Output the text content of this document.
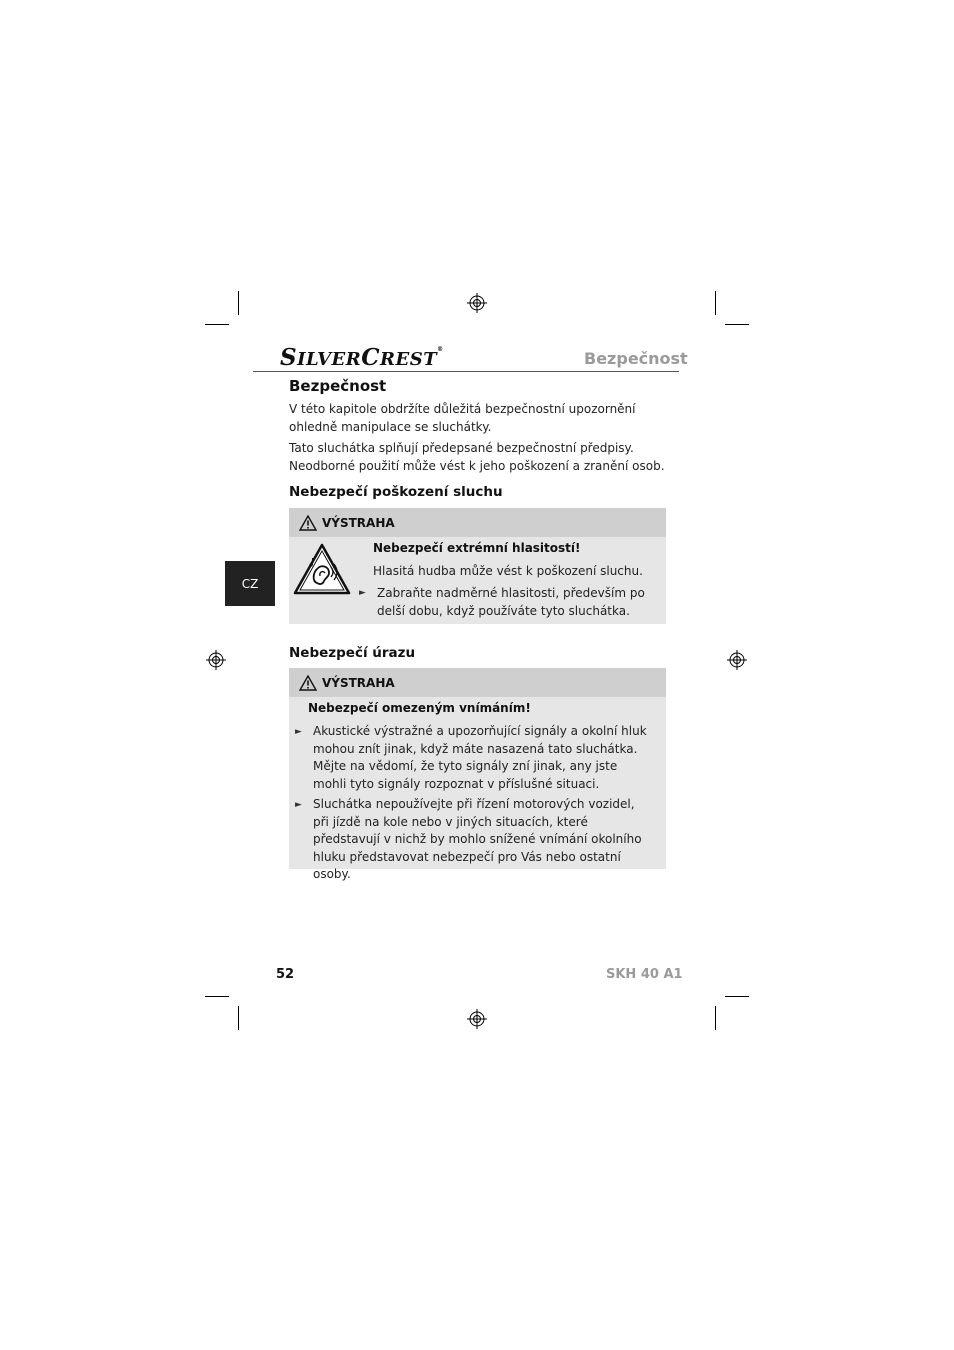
SILVERCREST®	Bezpečnost
CZ
Bezpečnost
V této kapitole obdržíte důležitá bezpečnostní upozornění ohledně manipulace se sluchátky.
Tato sluchátka splňují předepsané bezpečnostní předpisy. Neodborné použití může vést k jeho poškození a zranění osob.
Nebezpečí poškození sluchu
VÝSTRAHA
Nebezpečí extrémní hlasitostí!
Hlasitá hudba může vést k poškození sluchu.
► Zabraňte nadměrné hlasitosti, především po delší dobu, když používáte tyto sluchátka.
Nebezpečí úrazu
VÝSTRAHA
Nebezpečí omezeným vnímáním!
► Akustické výstražné a upozorňující signály a okolní hluk mohou znít jinak, když máte nasazená tato sluchátka. Mějte na vědomí, že tyto signály zní jinak, any jste mohli tyto signály rozpoznat v příslušné situaci.
► Sluchátka nepoužívejte při řízení motorových vozidel, při jízdě na kole nebo v jiných situacích, které představují v nichž by mohlo snížené vnímání okolního hluku představovat nebezpečí pro Vás nebo ostatní osoby.
52	SKH 40 A1
